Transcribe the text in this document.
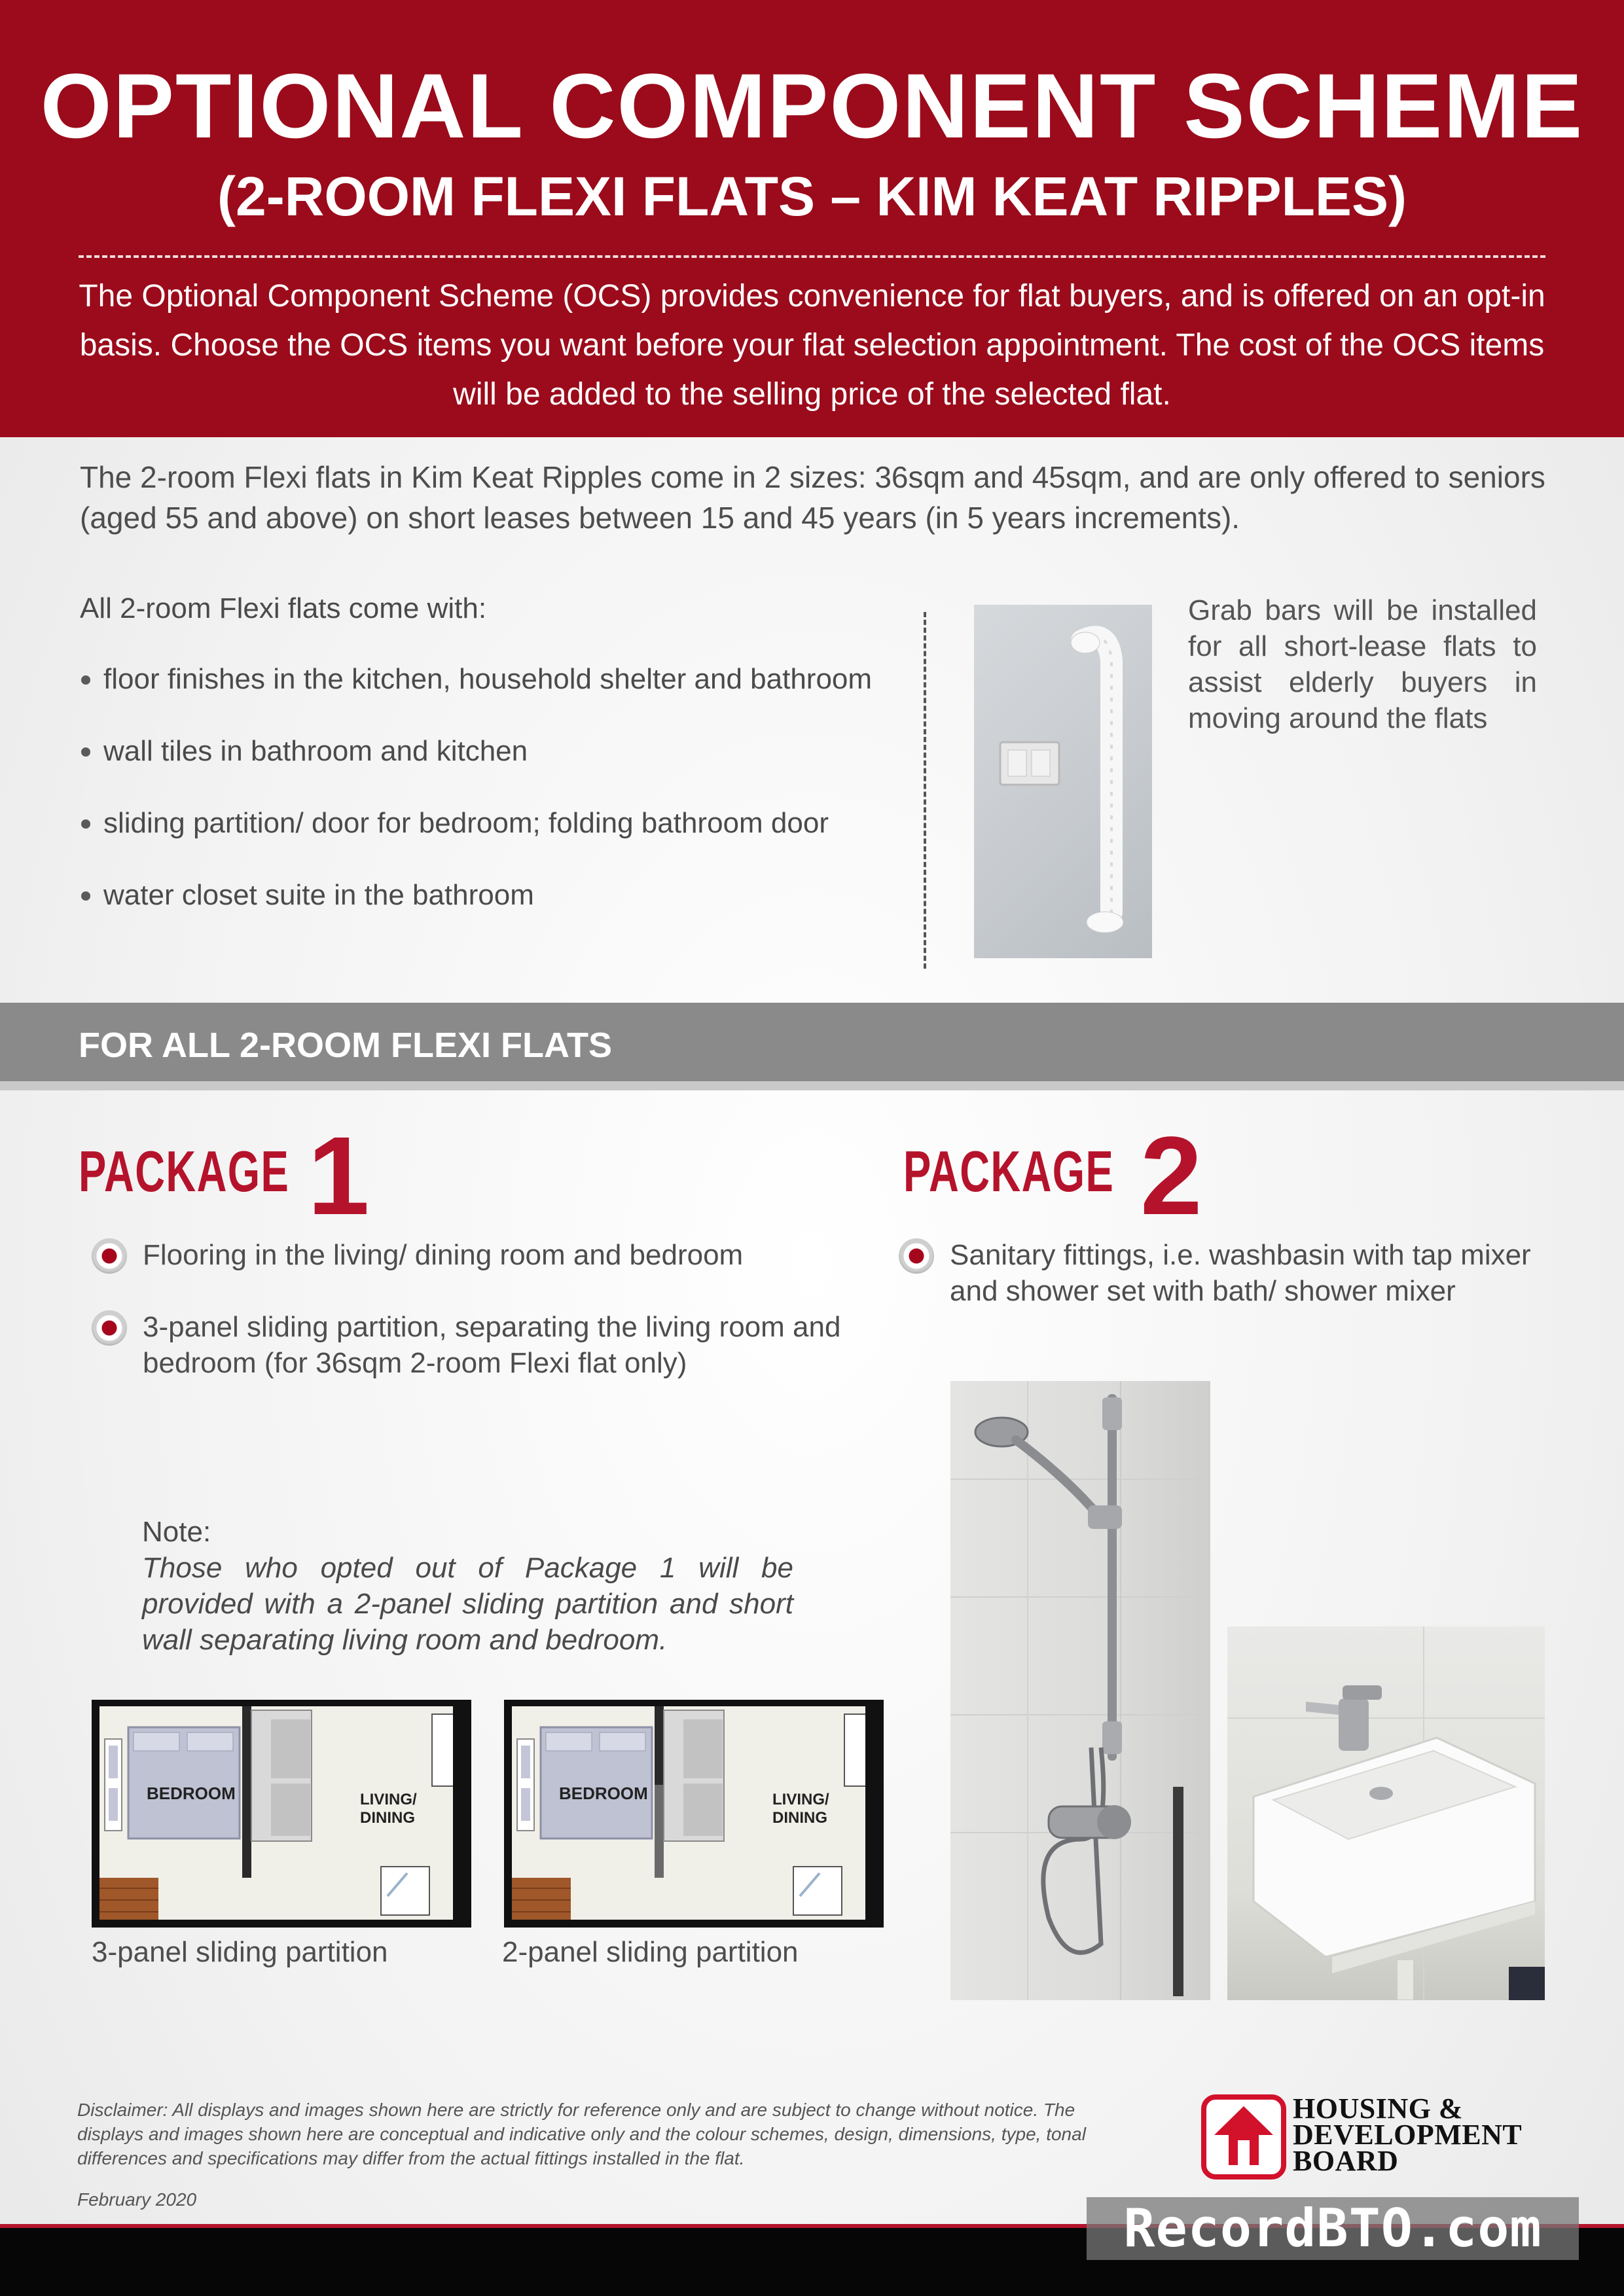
OPTIONAL COMPONENT SCHEME
(2-ROOM FLEXI FLATS – KIM KEAT RIPPLES)
The Optional Component Scheme (OCS) provides convenience for flat buyers, and is offered on an opt-in basis. Choose the OCS items you want before your flat selection appointment. The cost of the OCS items will be added to the selling price of the selected flat.
The 2-room Flexi flats in Kim Keat Ripples come in 2 sizes: 36sqm and 45sqm, and are only offered to seniors (aged 55 and above) on short leases between 15 and 45 years (in 5 years increments).
All 2-room Flexi flats come with:
floor finishes in the kitchen, household shelter and bathroom
wall tiles in bathroom and kitchen
sliding partition/ door for bedroom; folding bathroom door
water closet suite in the bathroom
Grab bars will be installed for all short-lease flats to assist elderly buyers in moving around the flats
FOR ALL 2-ROOM FLEXI FLATS
PACKAGE 1
Flooring in the living/ dining room and bedroom
3-panel sliding partition, separating the living room and bedroom (for 36sqm 2-room Flexi flat only)
Note:
Those who opted out of Package 1 will be provided with a 2-panel sliding partition and short wall separating living room and bedroom.
BEDROOM	LIVING/
DINING
3-panel sliding partition
BEDROOM	LIVING/
DINING
2-panel sliding partition
PACKAGE 2
Sanitary fittings, i.e. washbasin with tap mixer and shower set with bath/ shower mixer
Disclaimer: All displays and images shown here are strictly for reference only and are subject to change without notice. The displays and images shown here are conceptual and indicative only and the colour schemes, design, dimensions, type, tonal differences and specifications may differ from the actual fittings installed in the flat.
February 2020
HOUSING &
DEVELOPMENT
BOARD
RecordBTO.com
